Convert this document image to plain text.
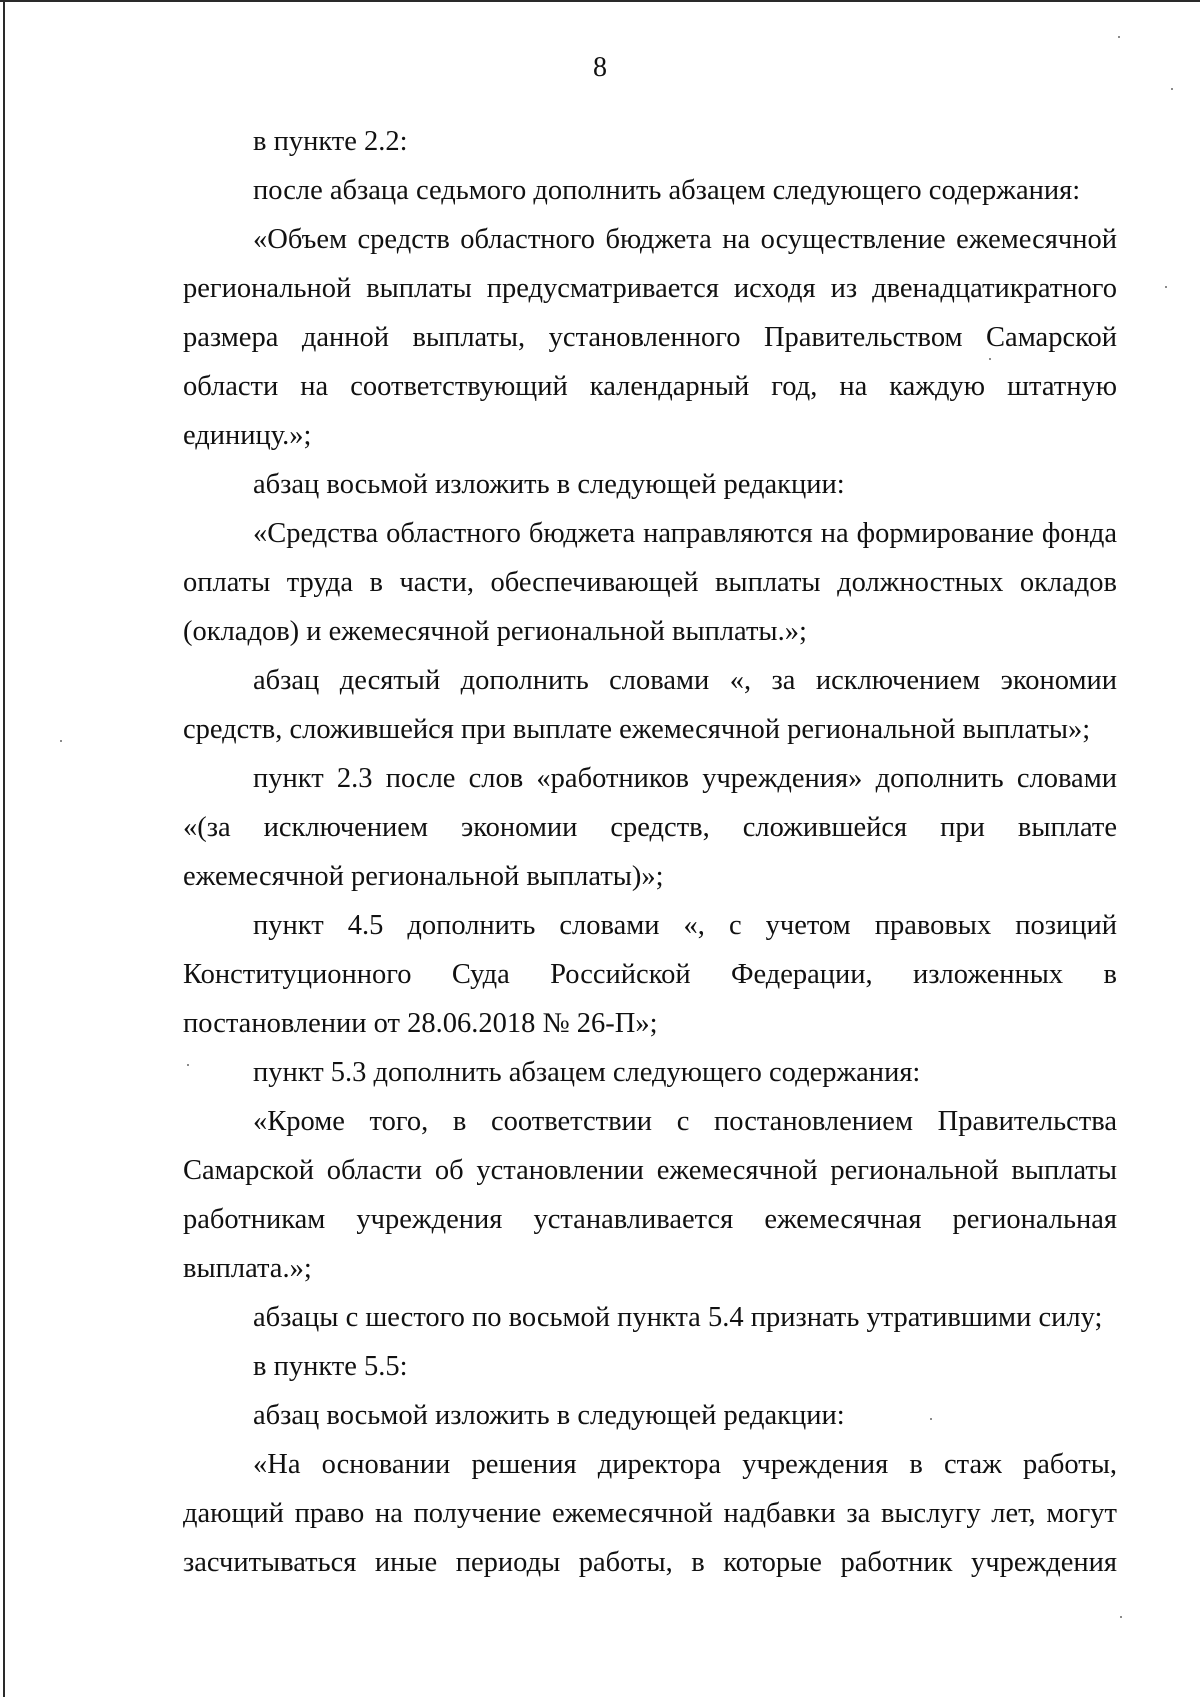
8

в пункте 2.2:

после абзаца седьмого дополнить абзацем следующего содержания:

«Объем средств областного бюджета на осуществление ежемесячной региональной выплаты предусматривается исходя из двенадцатикратного размера данной выплаты, установленного Правительством Самарской области на соответствующий календарный год, на каждую штатную единицу.»;

абзац восьмой изложить в следующей редакции:

«Средства областного бюджета направляются на формирование фонда оплаты труда в части, обеспечивающей выплаты должностных окладов (окладов) и ежемесячной региональной выплаты.»;

абзац десятый дополнить словами «, за исключением экономии средств, сложившейся при выплате ежемесячной региональной выплаты»;

пункт 2.3 после слов «работников учреждения» дополнить словами «(за исключением экономии средств, сложившейся при выплате ежемесячной региональной выплаты)»;

пункт 4.5 дополнить словами «, с учетом правовых позиций Конституционного Суда Российской Федерации, изложенных в постановлении от 28.06.2018 № 26-П»;

пункт 5.3 дополнить абзацем следующего содержания:

«Кроме того, в соответствии с постановлением Правительства Самарской области об установлении ежемесячной региональной выплаты работникам учреждения устанавливается ежемесячная региональная выплата.»;

абзацы с шестого по восьмой пункта 5.4 признать утратившими силу;

в пункте 5.5:

абзац восьмой изложить в следующей редакции:

«На основании решения директора учреждения в стаж работы, дающий право на получение ежемесячной надбавки за выслугу лет, могут засчитываться иные периоды работы, в которые работник учреждения
